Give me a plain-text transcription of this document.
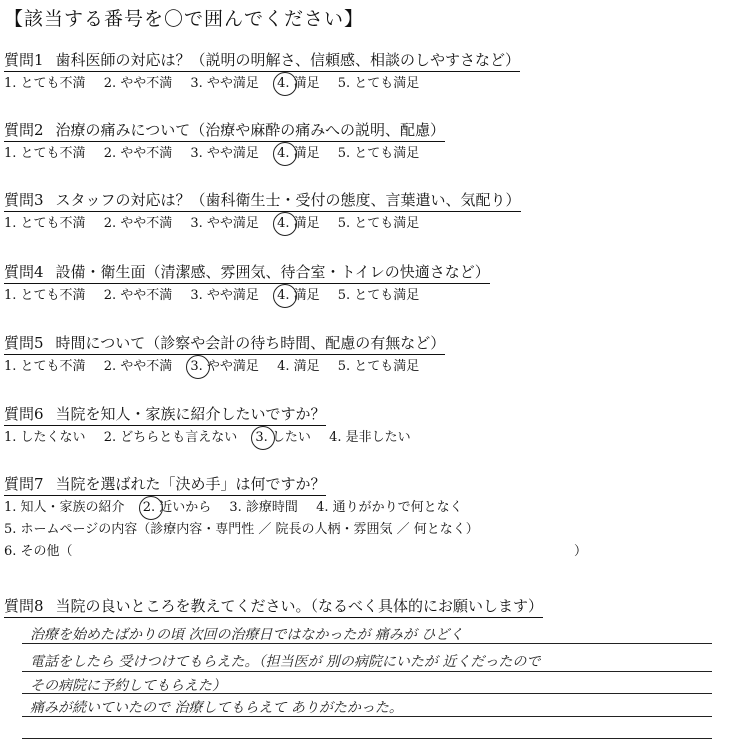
【該当する番号を〇で囲んでください】
質問1 歯科医師の対応は？（説明の明解さ、信頼感、相談のしやすさなど）
1. とても不満 2. やや不満 3. やや満足 4. 満足 5. とても満足
質問2 治療の痛みについて（治療や麻酔の痛みへの説明、配慮）
1. とても不満 2. やや不満 3. やや満足 4. 満足 5. とても満足
質問3 スタッフの対応は？（歯科衛生士・受付の態度、言葉遣い、気配り）
1. とても不満 2. やや不満 3. やや満足 4. 満足 5. とても満足
質問4 設備・衛生面（清潔感、雰囲気、待合室・トイレの快適さなど）
1. とても不満 2. やや不満 3. やや満足 4. 満足 5. とても満足
質問5 時間について（診察や会計の待ち時間、配慮の有無など）
1. とても不満 2. やや不満 3. やや満足 4. 満足 5. とても満足
質問6 当院を知人・家族に紹介したいですか？
1. したくない 2. どちらとも言えない 3. したい 4. 是非したい
質問7 当院を選ばれた「決め手」は何ですか？
1. 知人・家族の紹介 2. 近いから 3. 診療時間 4. 通りがかりで何となく
5. ホームページの内容（診療内容・専門性 ／ 院長の人柄・雰囲気 ／ 何となく）
6. その他（	）
質問8 当院の良いところを教えてください。（なるべく具体的にお願いします）
治療を始めたばかりの頃 次回の治療日ではなかったが 痛みが ひどく
電話をしたら 受けつけてもらえた。（担当医が 別の病院にいたが 近くだったので
その病院に予約してもらえた）
痛みが続いていたので 治療してもらえて ありがたかった。
